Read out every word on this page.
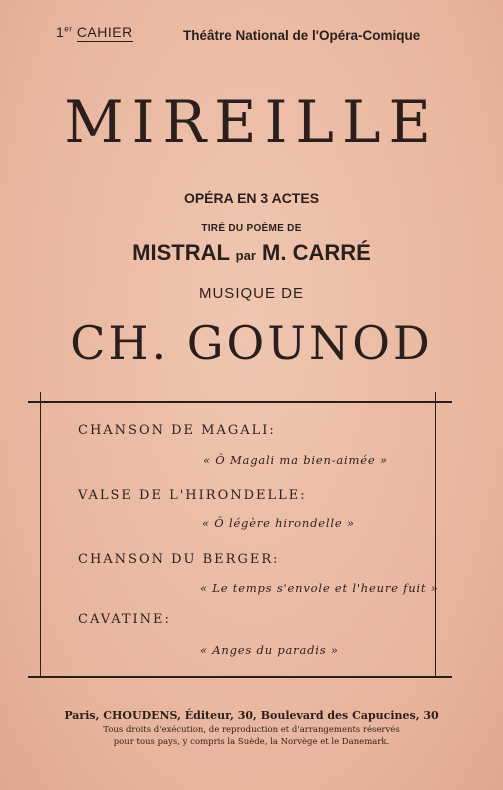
1er CAHIER	Théâtre National de l'Opéra-Comique
MIREILLE
OPÉRA EN 3 ACTES
TIRÉ DU POÈME DE
MISTRAL par M. CARRÉ
MUSIQUE DE
CH. GOUNOD
CHANSON DE MAGALI:
« Ô Magali ma bien-aimée »
VALSE DE L'HIRONDELLE:
« Ô légère hirondelle »
CHANSON DU BERGER:
« Le temps s'envole et l'heure fuit »
CAVATINE:
« Anges du paradis »
Paris, CHOUDENS, Éditeur, 30, Boulevard des Capucines, 30
Tous droits d'exécution, de reproduction et d'arrangements réservés
pour tous pays, y compris la Suède, la Norvège et le Danemark.
